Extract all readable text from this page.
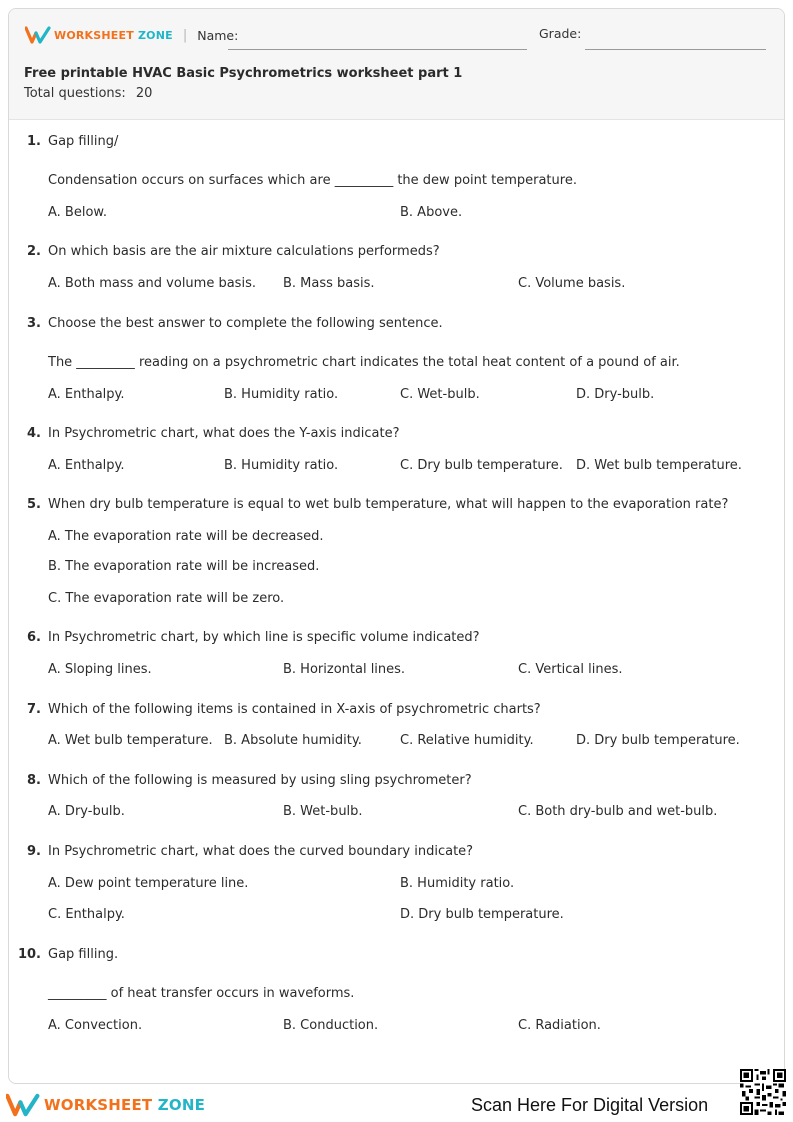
WORKSHEET ZONE | Name:	Grade:
Free printable HVAC Basic Psychrometrics worksheet part 1
Total questions: 20
1. Gap filling/
Condensation occurs on surfaces which are _________ the dew point temperature.
A. Below.	B. Above.
2. On which basis are the air mixture calculations performeds?
A. Both mass and volume basis. B. Mass basis.	C. Volume basis.
3. Choose the best answer to complete the following sentence.
The _________ reading on a psychrometric chart indicates the total heat content of a pound of air.
A. Enthalpy.	B. Humidity ratio.	C. Wet-bulb.	D. Dry-bulb.
4. In Psychrometric chart, what does the Y-axis indicate?
A. Enthalpy.	B. Humidity ratio.	C. Dry bulb temperature. D. Wet bulb temperature.
5. When dry bulb temperature is equal to wet bulb temperature, what will happen to the evaporation rate?
A. The evaporation rate will be decreased.
B. The evaporation rate will be increased.
C. The evaporation rate will be zero.
6. In Psychrometric chart, by which line is specific volume indicated?
A. Sloping lines.	B. Horizontal lines.	C. Vertical lines.
7. Which of the following items is contained in X-axis of psychrometric charts?
A. Wet bulb temperature. B. Absolute humidity.	C. Relative humidity.	D. Dry bulb temperature.
8. Which of the following is measured by using sling psychrometer?
A. Dry-bulb.	B. Wet-bulb.	C. Both dry-bulb and wet-bulb.
9. In Psychrometric chart, what does the curved boundary indicate?
A. Dew point temperature line.	B. Humidity ratio.
C. Enthalpy.	D. Dry bulb temperature.
10. Gap filling.
_________ of heat transfer occurs in waveforms.
A. Convection.	B. Conduction.	C. Radiation.
WORKSHEET ZONE	Scan Here For Digital Version
